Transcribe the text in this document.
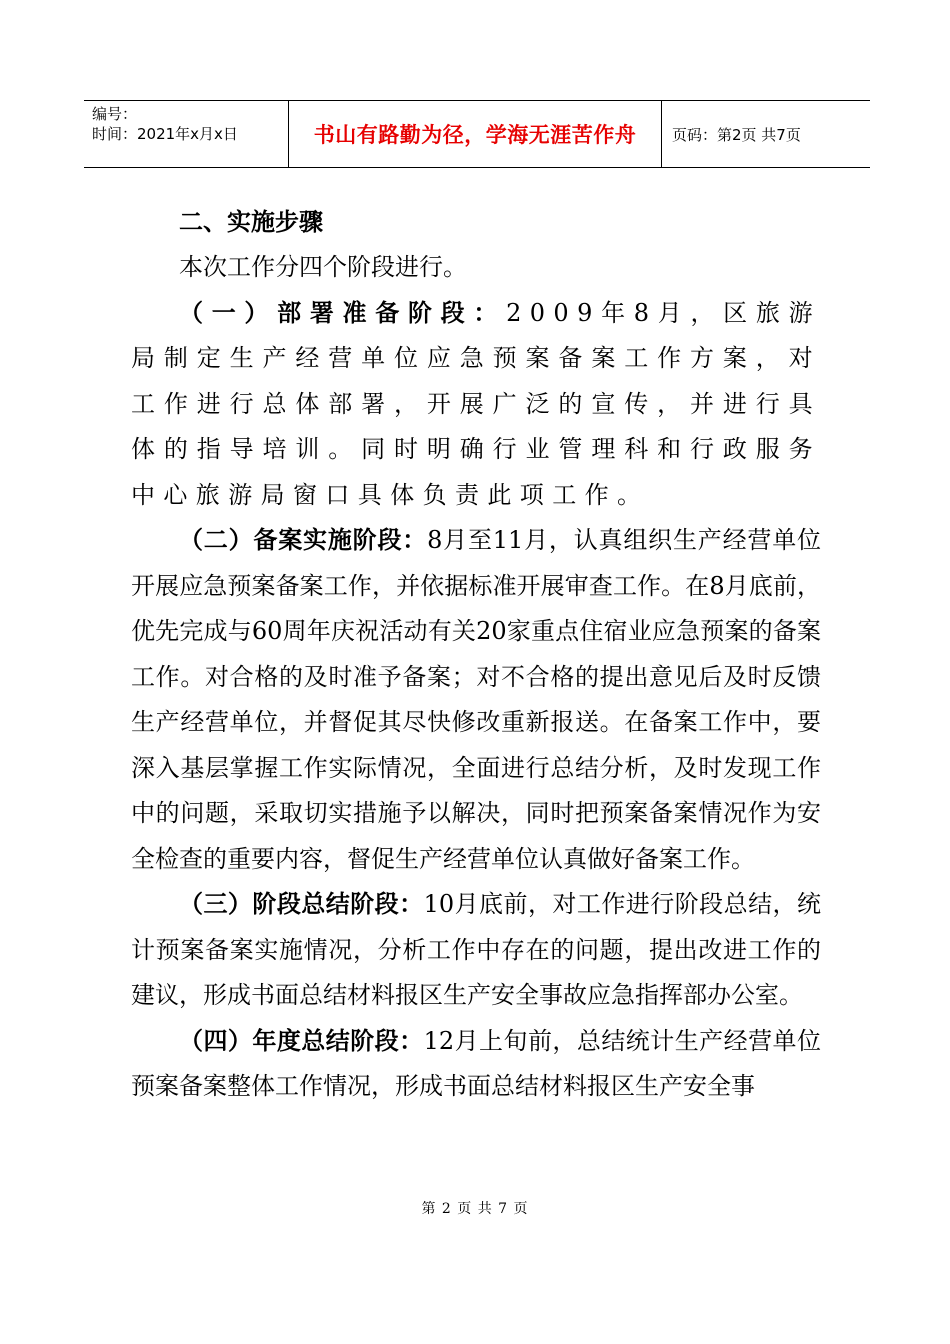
编号：
时间：2021年x月x日	书山有路勤为径，学海无涯苦作舟	页码：第2页 共7页
二、实施步骤

本次工作分四个阶段进行。

（一）部署准备阶段：2009年8月，区旅游局制定生产经营单位应急预案备案工作方案，对工作进行总体部署，开展广泛的宣传，并进行具体的指导培训。同时明确行业管理科和行政服务中心旅游局窗口具体负责此项工作。

（二）备案实施阶段：8月至11月，认真组织生产经营单位开展应急预案备案工作，并依据标准开展审查工作。在8月底前，优先完成与60周年庆祝活动有关20家重点住宿业应急预案的备案工作。对合格的及时准予备案；对不合格的提出意见后及时反馈生产经营单位，并督促其尽快修改重新报送。在备案工作中，要深入基层掌握工作实际情况，全面进行总结分析，及时发现工作中的问题，采取切实措施予以解决，同时把预案备案情况作为安全检查的重要内容，督促生产经营单位认真做好备案工作。

（三）阶段总结阶段：10月底前，对工作进行阶段总结，统计预案备案实施情况，分析工作中存在的问题，提出改进工作的建议，形成书面总结材料报区生产安全事故应急指挥部办公室。

（四）年度总结阶段：12月上旬前，总结统计生产经营单位预案备案整体工作情况，形成书面总结材料报区生产安全事

第 2 页 共 7 页
